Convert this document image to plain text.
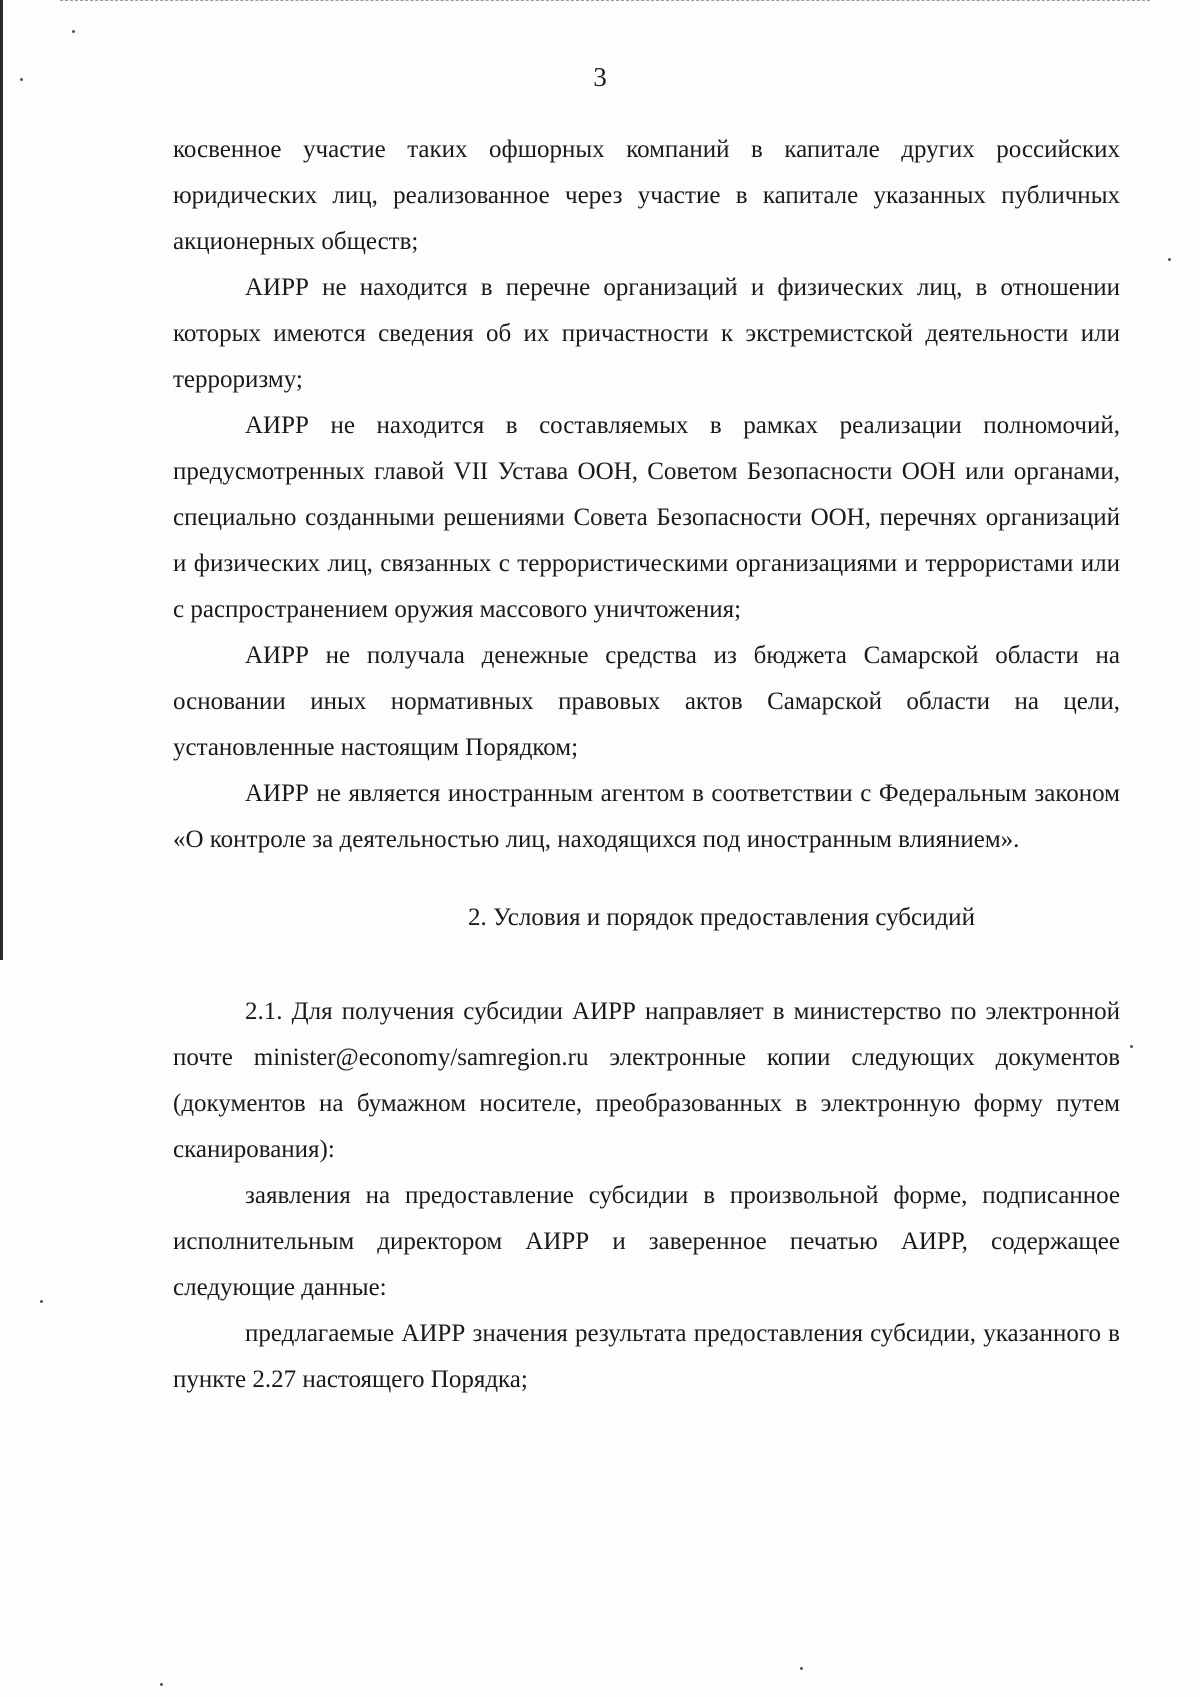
3

косвенное участие таких офшорных компаний в капитале других российских юридических лиц, реализованное через участие в капитале указанных публичных акционерных обществ;

АИРР не находится в перечне организаций и физических лиц, в отношении которых имеются сведения об их причастности к экстремистской деятельности или терроризму;

АИРР не находится в составляемых в рамках реализации полномочий, предусмотренных главой VII Устава ООН, Советом Безопасности ООН или органами, специально созданными решениями Совета Безопасности ООН, перечнях организаций и физических лиц, связанных с террористическими организациями и террористами или с распространением оружия массового уничтожения;

АИРР не получала денежные средства из бюджета Самарской области на основании иных нормативных правовых актов Самарской области на цели, установленные настоящим Порядком;

АИРР не является иностранным агентом в соответствии с Федеральным законом «О контроле за деятельностью лиц, находящихся под иностранным влиянием».

2. Условия и порядок предоставления субсидий

2.1. Для получения субсидии АИРР направляет в министерство по электронной почте minister@economy/samregion.ru электронные копии следующих документов (документов на бумажном носителе, преобразованных в электронную форму путем сканирования):

заявления на предоставление субсидии в произвольной форме, подписанное исполнительным директором АИРР и заверенное печатью АИРР, содержащее следующие данные:

предлагаемые АИРР значения результата предоставления субсидии, указанного в пункте 2.27 настоящего Порядка;
